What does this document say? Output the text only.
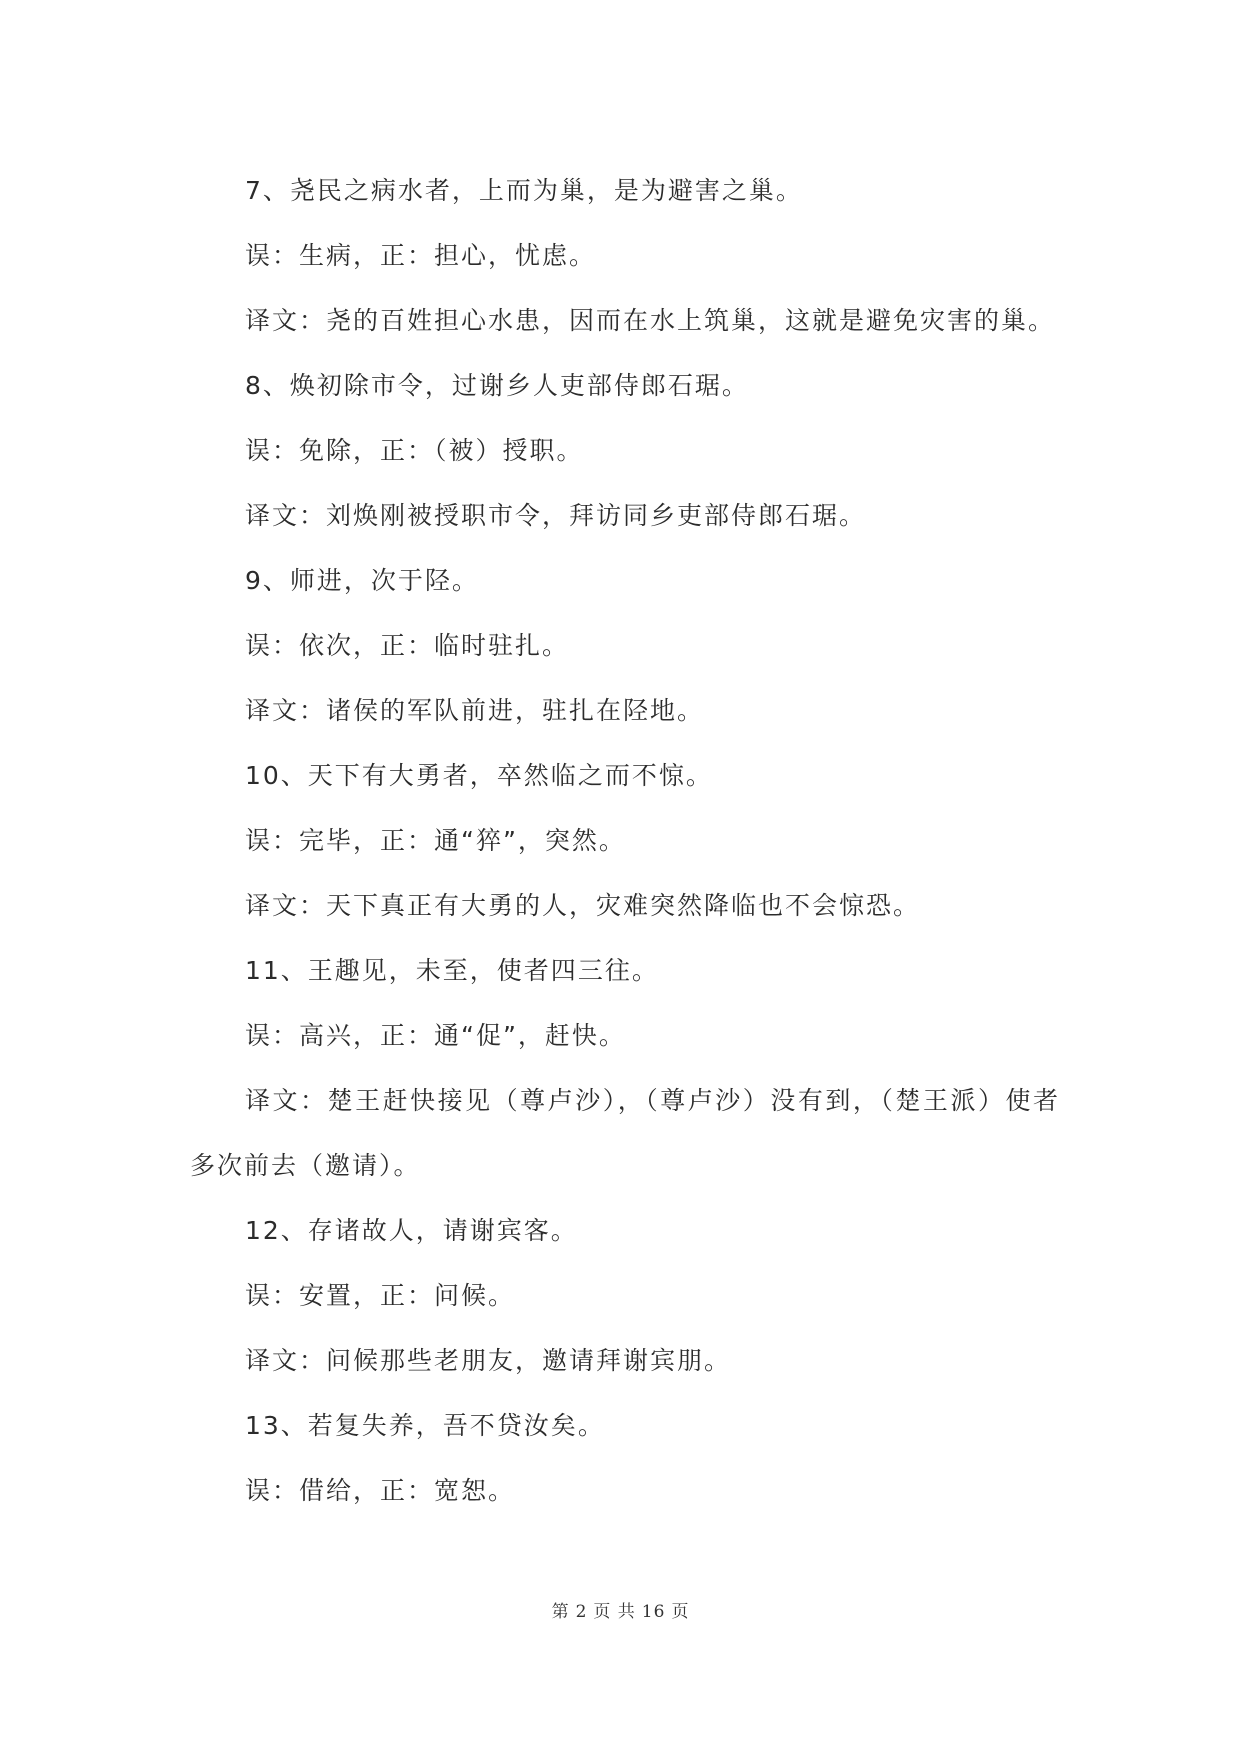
7、尧民之病水者，上而为巢，是为避害之巢。

误：生病，正：担心，忧虑。

译文：尧的百姓担心水患，因而在水上筑巢，这就是避免灾害的巢。

8、焕初除市令，过谢乡人吏部侍郎石琚。

误：免除，正：（被）授职。

译文：刘焕刚被授职市令，拜访同乡吏部侍郎石琚。

9、师进，次于陉。

误：依次，正：临时驻扎。

译文：诸侯的军队前进，驻扎在陉地。

10、天下有大勇者，卒然临之而不惊。

误：完毕，正：通“猝”，突然。

译文：天下真正有大勇的人，灾难突然降临也不会惊恐。

11、王趣见，未至，使者四三往。

误：高兴，正：通“促”，赶快。

译文：楚王赶快接见（尊卢沙），（尊卢沙）没有到，（楚王派）使者多次前去（邀请）。

12、存诸故人，请谢宾客。

误：安置，正：问候。

译文：问候那些老朋友，邀请拜谢宾朋。

13、若复失养，吾不贷汝矣。

误：借给，正：宽恕。

第 2 页 共 16 页
